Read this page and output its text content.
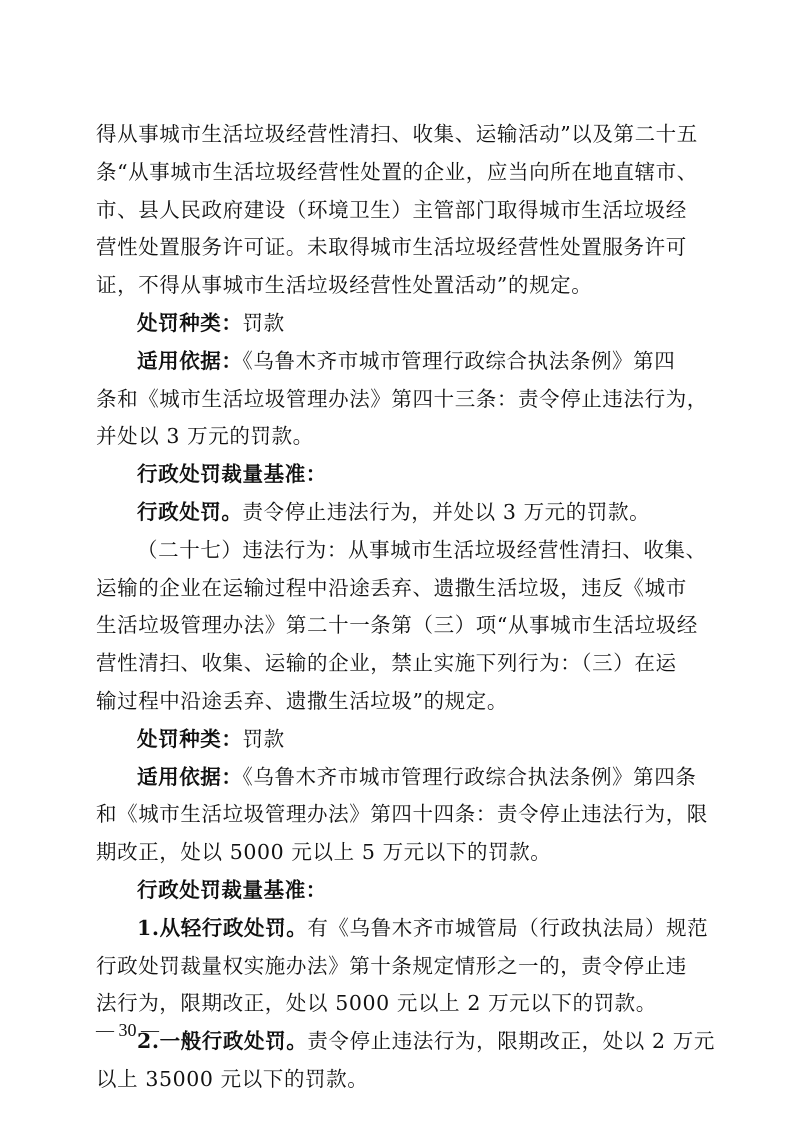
得从事城市生活垃圾经营性清扫、收集、运输活动”以及第二十五
条“从事城市生活垃圾经营性处置的企业，应当向所在地直辖市、
市、县人民政府建设（环境卫生）主管部门取得城市生活垃圾经
营性处置服务许可证。未取得城市生活垃圾经营性处置服务许可
证，不得从事城市生活垃圾经营性处置活动”的规定。
处罚种类：罚款
适用依据：《乌鲁木齐市城市管理行政综合执法条例》第四
条和《城市生活垃圾管理办法》第四十三条：责令停止违法行为，
并处以 3 万元的罚款。
行政处罚裁量基准：
行政处罚。责令停止违法行为，并处以 3 万元的罚款。
（二十七）违法行为：从事城市生活垃圾经营性清扫、收集、
运输的企业在运输过程中沿途丢弃、遗撒生活垃圾，违反《城市
生活垃圾管理办法》第二十一条第（三）项“从事城市生活垃圾经
营性清扫、收集、运输的企业，禁止实施下列行为：（三）在运
输过程中沿途丢弃、遗撒生活垃圾”的规定。
处罚种类：罚款
适用依据：《乌鲁木齐市城市管理行政综合执法条例》第四条
和《城市生活垃圾管理办法》第四十四条：责令停止违法行为，限
期改正，处以 5000 元以上 5 万元以下的罚款。
行政处罚裁量基准：
1.从轻行政处罚。有《乌鲁木齐市城管局（行政执法局）规范
行政处罚裁量权实施办法》第十条规定情形之一的，责令停止违
法行为，限期改正，处以 5000 元以上 2 万元以下的罚款。
2.一般行政处罚。责令停止违法行为，限期改正，处以 2 万元
以上 35000 元以下的罚款。
— 30 —
